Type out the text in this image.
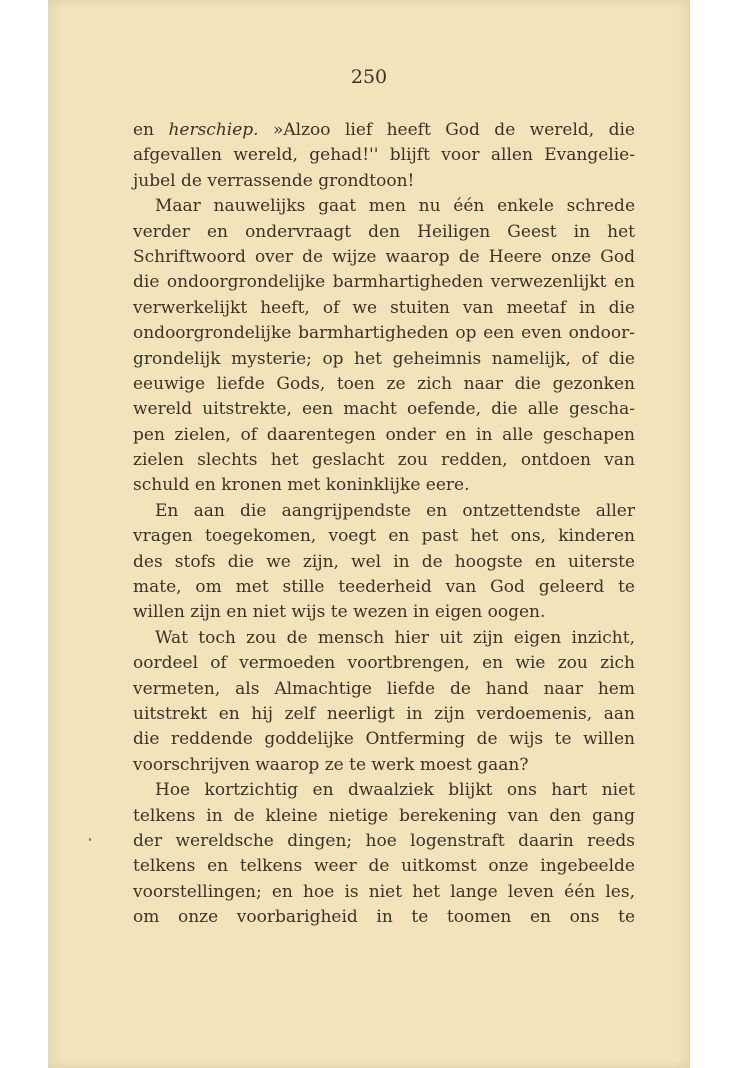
250
en herschiep. »Alzoo lief heeft God de wereld, die
afgevallen wereld, gehad!'' blijft voor allen Evangelie-
jubel de verrassende grondtoon!
Maar nauwelijks gaat men nu één enkele schrede
verder en ondervraagt den Heiligen Geest in het
Schriftwoord over de wijze waarop de Heere onze God
die ondoorgrondelijke barmhartigheden verwezenlijkt en
verwerkelijkt heeft, of we stuiten van meetaf in die
ondoorgrondelijke barmhartigheden op een even ondoor-
grondelijk mysterie; op het geheimnis namelijk, of die
eeuwige liefde Gods, toen ze zich naar die gezonken
wereld uitstrekte, een macht oefende, die alle gescha-
pen zielen, of daarentegen onder en in alle geschapen
zielen slechts het geslacht zou redden, ontdoen van
schuld en kronen met koninklijke eere.
En aan die aangrijpendste en ontzettendste aller
vragen toegekomen, voegt en past het ons, kinderen
des stofs die we zijn, wel in de hoogste en uiterste
mate, om met stille teederheid van God geleerd te
willen zijn en niet wijs te wezen in eigen oogen.
Wat toch zou de mensch hier uit zijn eigen inzicht,
oordeel of vermoeden voortbrengen, en wie zou zich
vermeten, als Almachtige liefde de hand naar hem
uitstrekt en hij zelf neerligt in zijn verdoemenis, aan
die reddende goddelijke Ontferming de wijs te willen
voorschrijven waarop ze te werk moest gaan?
Hoe kortzichtig en dwaalziek blijkt ons hart niet
telkens in de kleine nietige berekening van den gang
der wereldsche dingen; hoe logenstraft daarin reeds
telkens en telkens weer de uitkomst onze ingebeelde
voorstellingen; en hoe is niet het lange leven één les,
om onze voorbarigheid in te toomen en ons te
